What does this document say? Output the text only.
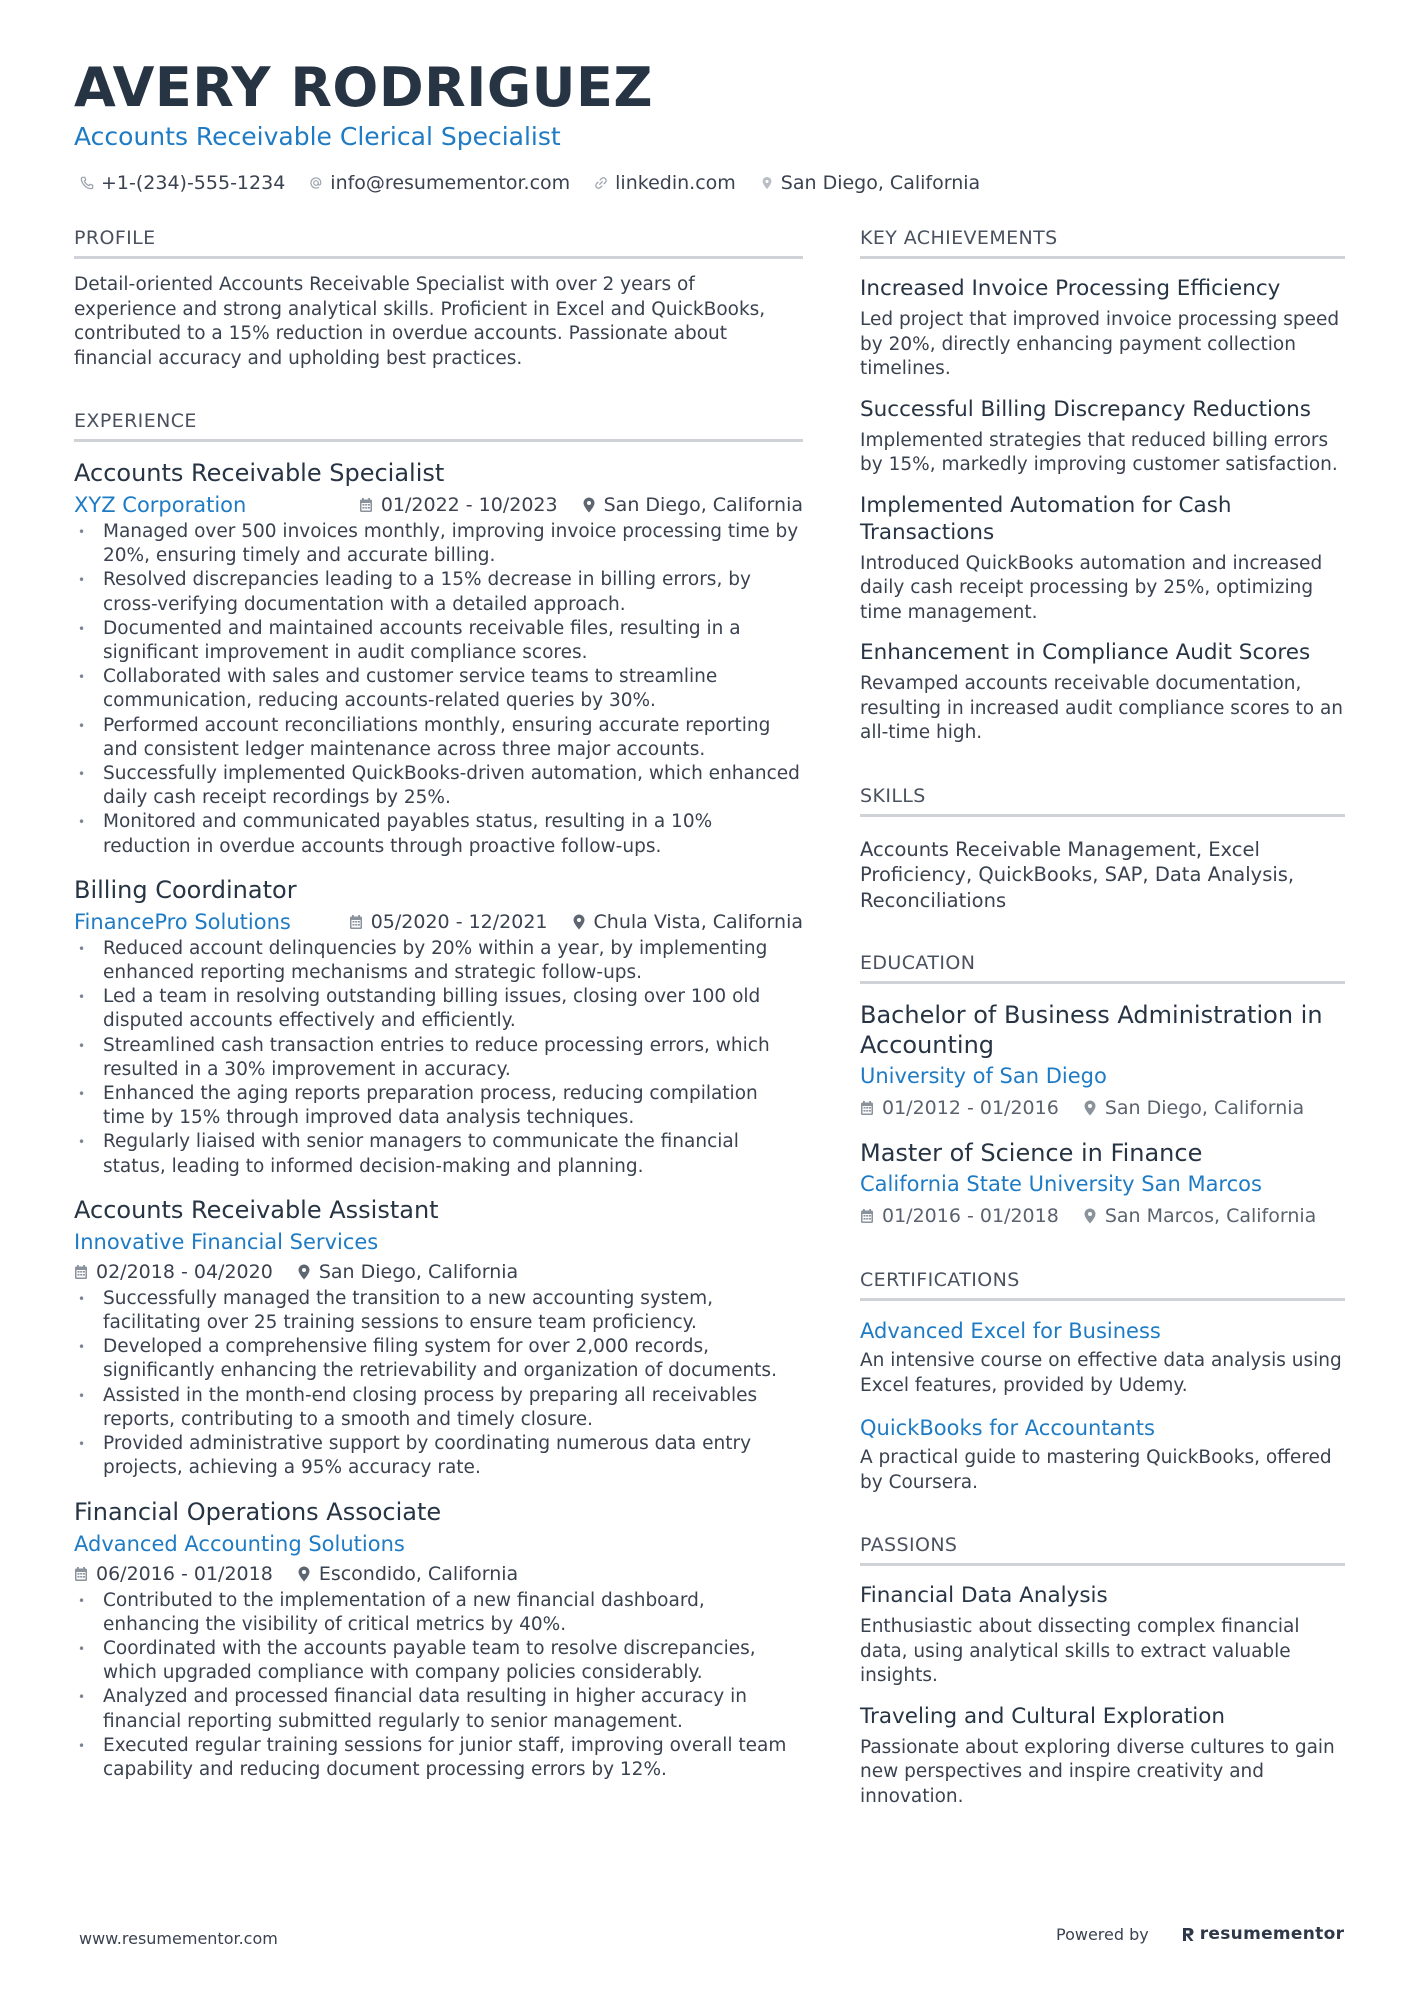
AVERY RODRIGUEZ
Accounts Receivable Clerical Specialist
+1-(234)-555-1234 info@resumementor.com linkedin.com San Diego, California
PROFILE
Detail-oriented Accounts Receivable Specialist with over 2 years of experience and strong analytical skills. Proficient in Excel and QuickBooks, contributed to a 15% reduction in overdue accounts. Passionate about financial accuracy and upholding best practices.
EXPERIENCE
Accounts Receivable Specialist
XYZ Corporation	01/2022 - 10/2023 San Diego, California
• Managed over 500 invoices monthly, improving invoice processing time by 20%, ensuring timely and accurate billing.
• Resolved discrepancies leading to a 15% decrease in billing errors, by cross-verifying documentation with a detailed approach.
• Documented and maintained accounts receivable files, resulting in a significant improvement in audit compliance scores.
• Collaborated with sales and customer service teams to streamline communication, reducing accounts-related queries by 30%.
• Performed account reconciliations monthly, ensuring accurate reporting and consistent ledger maintenance across three major accounts.
• Successfully implemented QuickBooks-driven automation, which enhanced daily cash receipt recordings by 25%.
• Monitored and communicated payables status, resulting in a 10% reduction in overdue accounts through proactive follow-ups.
Billing Coordinator
FinancePro Solutions	05/2020 - 12/2021 Chula Vista, California
• Reduced account delinquencies by 20% within a year, by implementing enhanced reporting mechanisms and strategic follow-ups.
• Led a team in resolving outstanding billing issues, closing over 100 old disputed accounts effectively and efficiently.
• Streamlined cash transaction entries to reduce processing errors, which resulted in a 30% improvement in accuracy.
• Enhanced the aging reports preparation process, reducing compilation time by 15% through improved data analysis techniques.
• Regularly liaised with senior managers to communicate the financial status, leading to informed decision-making and planning.
Accounts Receivable Assistant
Innovative Financial Services
02/2018 - 04/2020 San Diego, California
• Successfully managed the transition to a new accounting system, facilitating over 25 training sessions to ensure team proficiency.
• Developed a comprehensive filing system for over 2,000 records, significantly enhancing the retrievability and organization of documents.
• Assisted in the month-end closing process by preparing all receivables reports, contributing to a smooth and timely closure.
• Provided administrative support by coordinating numerous data entry projects, achieving a 95% accuracy rate.
Financial Operations Associate
Advanced Accounting Solutions
06/2016 - 01/2018 Escondido, California
• Contributed to the implementation of a new financial dashboard, enhancing the visibility of critical metrics by 40%.
• Coordinated with the accounts payable team to resolve discrepancies, which upgraded compliance with company policies considerably.
• Analyzed and processed financial data resulting in higher accuracy in financial reporting submitted regularly to senior management.
• Executed regular training sessions for junior staff, improving overall team capability and reducing document processing errors by 12%.
KEY ACHIEVEMENTS
Increased Invoice Processing Efficiency
Led project that improved invoice processing speed by 20%, directly enhancing payment collection timelines.
Successful Billing Discrepancy Reductions
Implemented strategies that reduced billing errors by 15%, markedly improving customer satisfaction.
Implemented Automation for Cash Transactions
Introduced QuickBooks automation and increased daily cash receipt processing by 25%, optimizing time management.
Enhancement in Compliance Audit Scores
Revamped accounts receivable documentation, resulting in increased audit compliance scores to an all-time high.
SKILLS
Accounts Receivable Management, Excel Proficiency, QuickBooks, SAP, Data Analysis, Reconciliations
EDUCATION
Bachelor of Business Administration in Accounting
University of San Diego
01/2012 - 01/2016 San Diego, California
Master of Science in Finance
California State University San Marcos
01/2016 - 01/2018 San Marcos, California
CERTIFICATIONS
Advanced Excel for Business
An intensive course on effective data analysis using Excel features, provided by Udemy.
QuickBooks for Accountants
A practical guide to mastering QuickBooks, offered by Coursera.
PASSIONS
Financial Data Analysis
Enthusiastic about dissecting complex financial data, using analytical skills to extract valuable insights.
Traveling and Cultural Exploration
Passionate about exploring diverse cultures to gain new perspectives and inspire creativity and innovation.
www.resumementor.com	Powered by	resumementor
